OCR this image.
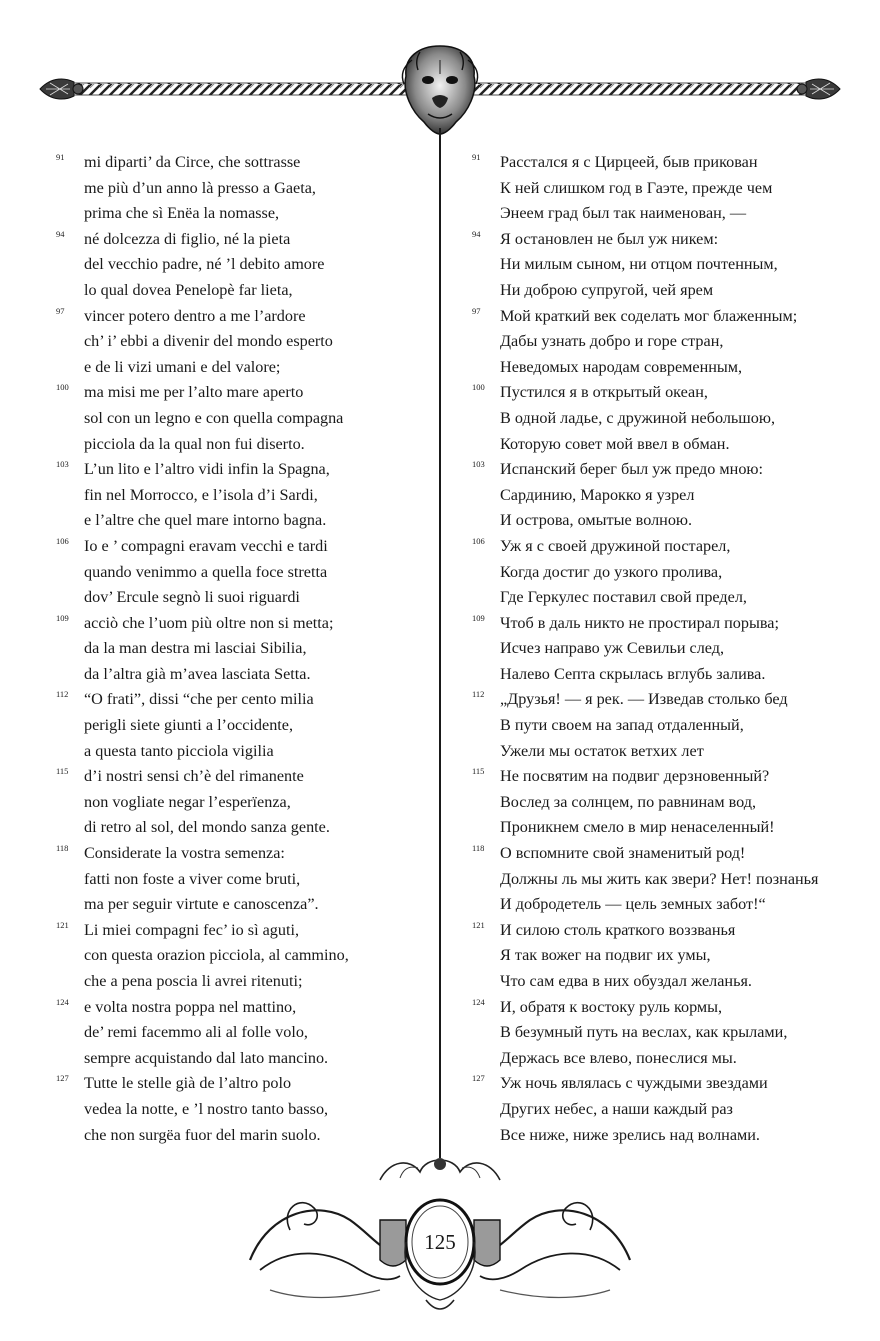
91	mi diparti’ da Circe, che sottrasse
me più d’un anno là presso a Gaeta,
prima che sì Enëa la nomasse,
94	né dolcezza di figlio, né la pieta
del vecchio padre, né ’l debito amore
lo qual dovea Penelopè far lieta,
97	vincer potero dentro a me l’ardore
ch’ i’ ebbi a divenir del mondo esperto
e de li vizi umani e del valore;
100 ma misi me per l’alto mare aperto
sol con un legno e con quella compagna
picciola da la qual non fui diserto.
103 L’un lito e l’altro vidi infin la Spagna,
fin nel Morrocco, e l’isola d’i Sardi,
e l’altre che quel mare intorno bagna.
106 Io e ’ compagni eravam vecchi e tardi
quando venimmo a quella foce stretta
dov’ Ercule segnò li suoi riguardi
109 acciò che l’uom più oltre non si metta;
da la man destra mi lasciai Sibilia,
da l’altra già m’avea lasciata Setta.
112 “O frati”, dissi “che per cento milia
perigli siete giunti a l’occidente,
a questa tanto picciola vigilia
115 d’i nostri sensi ch’è del rimanente
non vogliate negar l’esperïenza,
di retro al sol, del mondo sanza gente.
118 Considerate la vostra semenza:
fatti non foste a viver come bruti,
ma per seguir virtute e canoscenza”.
121 Li miei compagni fec’ io sì aguti,
con questa orazion picciola, al cammino,
che a pena poscia li avrei ritenuti;
124 e volta nostra poppa nel mattino,
de’ remi facemmo ali al folle volo,
sempre acquistando dal lato mancino.
127 Tutte le stelle già de l’altro polo
vedea la notte, e ’l nostro tanto basso,
che non surgëa fuor del marin suolo.
91	Расстался я с Цирцеей, быв прикован
К ней слишком год в Гаэте, прежде чем
Энеем град был так наименован, —
94	Я остановлен не был уж никем:
Ни милым сыном, ни отцом почтенным,
Ни доброю супругой, чей ярем
97	Мой краткий век соделать мог блаженным;
Дабы узнать добро и горе стран,
Неведомых народам современным,
100 Пустился я в открытый океан,
В одной ладье, с дружиной небольшою,
Которую совет мой ввел в обман.
103 Испанский берег был уж предо мною:
Сардинию, Марокко я узрел
И острова, омытые волною.
106 Уж я с своей дружиной постарел,
Когда достиг до узкого пролива,
Где Геркулес поставил свой предел,
109 Чтоб в даль никто не простирал порыва;
Исчез направо уж Севильи след,
Налево Септа скрылась вглубь залива.
112 „Друзья! — я рек. — Изведав столько бед
В пути своем на запад отдаленный,
Ужели мы остаток ветхих лет
115 Не посвятим на подвиг дерзновенный?
Вослед за солнцем, по равнинам вод,
Проникнем смело в мир ненаселенный!
118 О вспомните свой знаменитый род!
Должны ль мы жить как звери? Нет! познанья
И добродетель — цель земных забот!“
121 И силою столь краткого воззванья
Я так вожег на подвиг их умы,
Что сам едва в них обуздал желанья.
124 И, обратя к востоку руль кормы,
В безумный путь на веслах, как крылами,
Держась все влево, понеслися мы.
127 Уж ночь являлась с чуждыми звездами
Других небес, а наши каждый раз
Все ниже, ниже зрелись над волнами.
125
